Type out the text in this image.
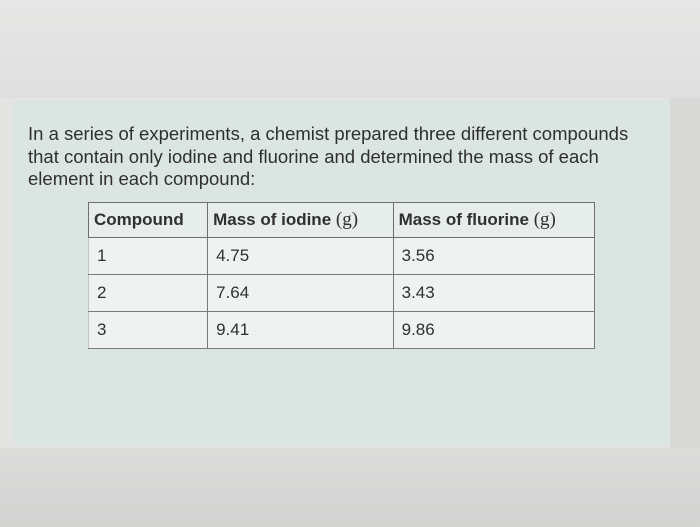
In a series of experiments, a chemist prepared three different compounds that contain only iodine and fluorine and determined the mass of each element in each compound:

Compound	Mass of iodine (g)	Mass of fluorine (g)
1	4.75	3.56
2	7.64	3.43
3	9.41	9.86
